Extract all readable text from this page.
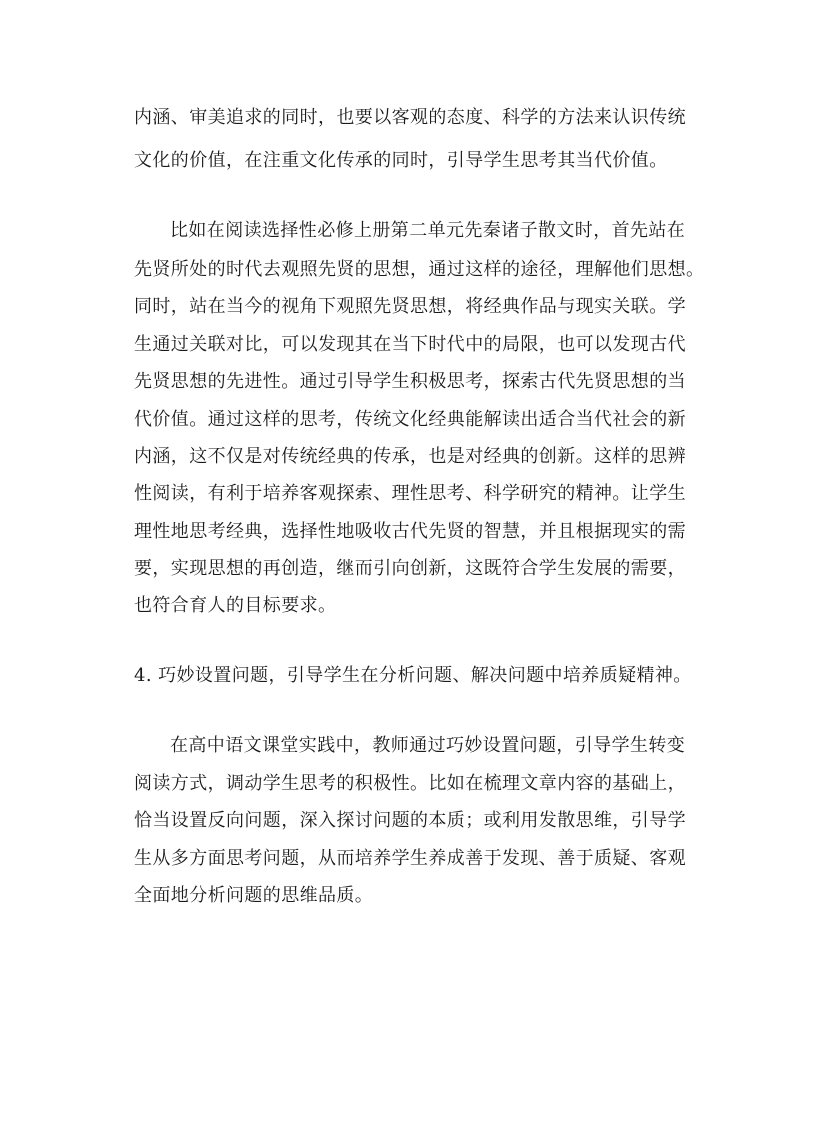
内涵、审美追求的同时，也要以客观的态度、科学的方法来认识传统
文化的价值，在注重文化传承的同时，引导学生思考其当代价值。
比如在阅读选择性必修上册第二单元先秦诸子散文时，首先站在
先贤所处的时代去观照先贤的思想，通过这样的途径，理解他们思想。
同时，站在当今的视角下观照先贤思想，将经典作品与现实关联。学
生通过关联对比，可以发现其在当下时代中的局限，也可以发现古代
先贤思想的先进性。通过引导学生积极思考，探索古代先贤思想的当
代价值。通过这样的思考，传统文化经典能解读出适合当代社会的新
内涵，这不仅是对传统经典的传承，也是对经典的创新。这样的思辨
性阅读，有利于培养客观探索、理性思考、科学研究的精神。让学生
理性地思考经典，选择性地吸收古代先贤的智慧，并且根据现实的需
要，实现思想的再创造，继而引向创新，这既符合学生发展的需要，
也符合育人的目标要求。
4. 巧妙设置问题，引导学生在分析问题、解决问题中培养质疑精神。
在高中语文课堂实践中，教师通过巧妙设置问题，引导学生转变
阅读方式，调动学生思考的积极性。比如在梳理文章内容的基础上，
恰当设置反向问题，深入探讨问题的本质；或利用发散思维，引导学
生从多方面思考问题，从而培养学生养成善于发现、善于质疑、客观
全面地分析问题的思维品质。
